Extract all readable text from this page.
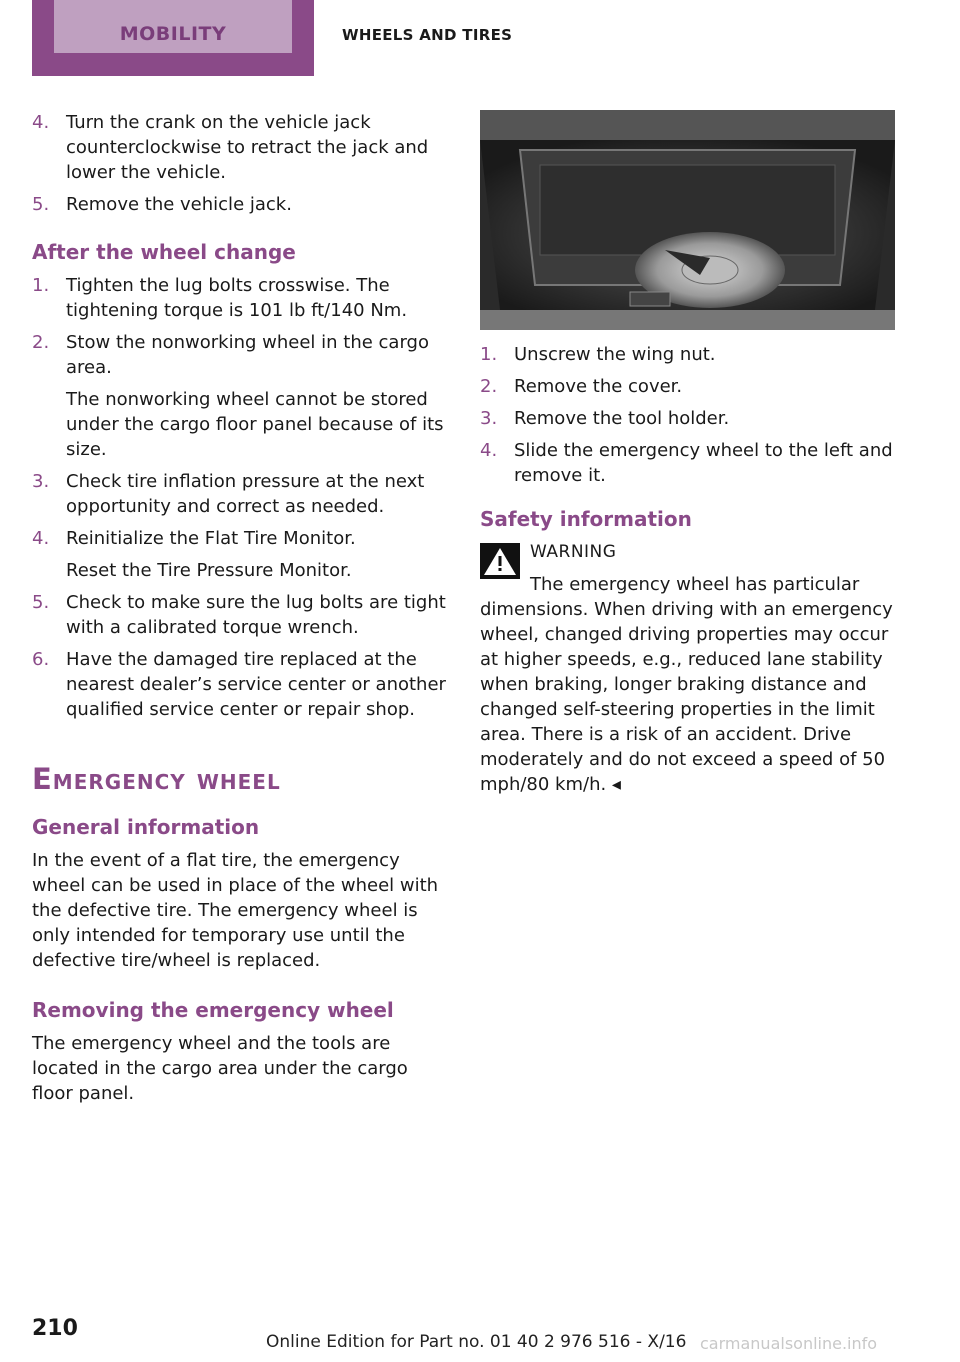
MOBILITY	WHEELS AND TIRES
4. Turn the crank on the vehicle jack counterclockwise to retract the jack and lower the vehicle.

5. Remove the vehicle jack.

After the wheel change
1. Tighten the lug bolts crosswise. The tightening torque is 101 lb ft/140 Nm.

2. Stow the nonworking wheel in the cargo area.

The nonworking wheel cannot be stored under the cargo floor panel because of its size.

3. Check tire inflation pressure at the next opportunity and correct as needed.

4. Reinitialize the Flat Tire Monitor.

Reset the Tire Pressure Monitor.

5. Check to make sure the lug bolts are tight with a calibrated torque wrench.

6. Have the damaged tire replaced at the nearest dealer’s service center or another qualified service center or repair shop.

Emergency wheel
General information

In the event of a flat tire, the emergency wheel can be used in place of the wheel with the defective tire. The emergency wheel is only intended for temporary use until the defective tire/wheel is replaced.

Removing the emergency wheel

The emergency wheel and the tools are located in the cargo area under the cargo floor panel.

1. Unscrew the wing nut.

2. Remove the cover.

3. Remove the tool holder.

4. Slide the emergency wheel to the left and remove it.

Safety information
WARNING

The emergency wheel has particular dimensions. When driving with an emergency wheel, changed driving properties may occur at higher speeds, e.g., reduced lane stability when braking, longer braking distance and changed self-steering properties in the limit area. There is a risk of an accident. Drive moderately and do not exceed a speed of 50 mph/80 km/h. ◂

210
Online Edition for Part no. 01 40 2 976 516 - X/16 carmanualsonline.info
